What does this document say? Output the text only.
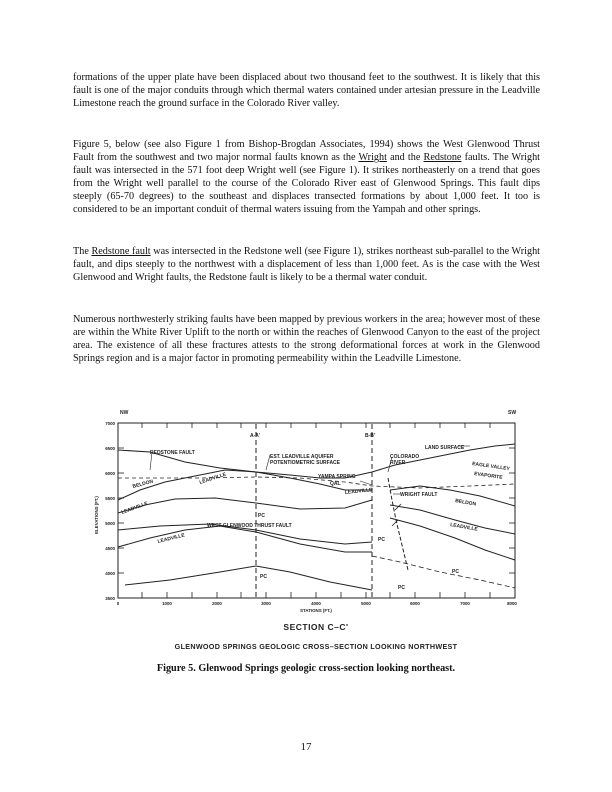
formations of the upper plate have been displaced about two thousand feet to the southwest. It is likely that this fault is one of the major conduits through which thermal waters contained under artesian pressure in the Leadville Limestone reach the ground surface in the Colorado River valley.

Figure 5, below (see also Figure 1 from Bishop-Brogdan Associates, 1994) shows the West Glenwood Thrust Fault from the southwest and two major normal faults known as the Wright and the Redstone faults. The Wright fault was intersected in the 571 foot deep Wright well (see Figure 1). It strikes northeasterly on a trend that goes from the Wright well parallel to the course of the Colorado River east of Glenwood Springs. This fault dips steeply (65-70 degrees) to the southeast and displaces transected formations by about 1,000 feet. It too is considered to be an important conduit of thermal waters issuing from the Yampah and other springs.

The Redstone fault was intersected in the Redstone well (see Figure 1), strikes northeast sub-parallel to the Wright fault, and dips steeply to the northwest with a displacement of less than 1,000 feet. As is the case with the West Glenwood and Wright faults, the Redstone fault is likely to be a thermal water conduit.

Numerous northwesterly striking faults have been mapped by previous workers in the area; however most of these are within the White River Uplift to the north or within the reaches of Glenwood Canyon to the east of the project area. The existence of all these fractures attests to the strong deformational forces at work in the Glenwood Springs region and is a major factor in promoting permeability within the Leadville Limestone.

7000
6500
6000
5500
5000
4500
4000
3500
0	1000	2000	3000	4000	5000	6000	7000	8000
STATIONS (FT.)
ELEVATIONS (FT.)
NW	SW
A-A'	B-B'
REDSTONE FAULT
EST. LEADVILLE AQUIFER
POTENTIOMETRIC SURFACE
COLORADO
RIVER
LAND SURFACE
EAGLE VALLEY
EVAPORITE
YAMPA SPRING
QAL
BELDON	LEADVILLE
LEADVILLE
LEADVILLE
LEADVILLE
LEADVILLE
WRIGHT FAULT
BELDON
PC
PC
PC
PC
PC
WEST GLENWOOD THRUST FAULT
SECTION C–C'
GLENWOOD SPRINGS GEOLOGIC CROSS–SECTION LOOKING NORTHWEST
Figure 5. Glenwood Springs geologic cross-section looking northeast.
17
